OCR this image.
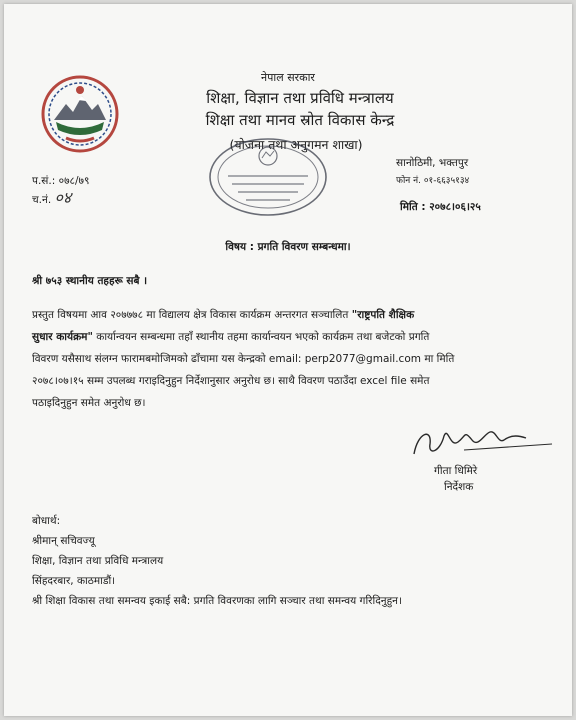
नेपाल सरकार
शिक्षा, विज्ञान तथा प्रविधि मन्त्रालय
शिक्षा तथा मानव स्रोत विकास केन्द्र
(योजना तथा अनुगमन शाखा)
प.सं.: ०७८/७९
च.नं. ०४
सानोठिमी, भक्तपुर
फोन नं. ०१-६६३५१३४
मिति : २०७८।०६।२५
विषय : प्रगति विवरण सम्बन्धमा।
श्री ७५३ स्थानीय तहहरू सबै ।
प्रस्तुत विषयमा आव २०७७७८ मा विद्यालय क्षेत्र विकास कार्यक्रम अन्तरगत सञ्चालित "राष्ट्रपति शैक्षिक
सुधार कार्यक्रम" कार्यान्वयन सम्बन्धमा तहाँ स्थानीय तहमा कार्यान्वयन भएको कार्यक्रम तथा बजेटको प्रगति
विवरण यसैसाथ संलग्न फारामबमोजिमको ढाँचामा यस केन्द्रको email: perp2077@gmail.com मा मिति
२०७८।०७।१५ सम्म उपलब्ध गराइदिनुहुन निर्देशानुसार अनुरोध छ। साथै विवरण पठाउँदा excel file समेत
पठाइदिनुहुन समेत अनुरोध छ।
गीता धिमिरे
निर्देशक
बोधार्थ:
श्रीमान् सचिवज्यू
शिक्षा, विज्ञान तथा प्रविधि मन्त्रालय
सिंहदरबार, काठमाडौं।
श्री शिक्षा विकास तथा समन्वय इकाई सबै: प्रगति विवरणका लागि सञ्चार तथा समन्वय गरिदिनुहुन।
